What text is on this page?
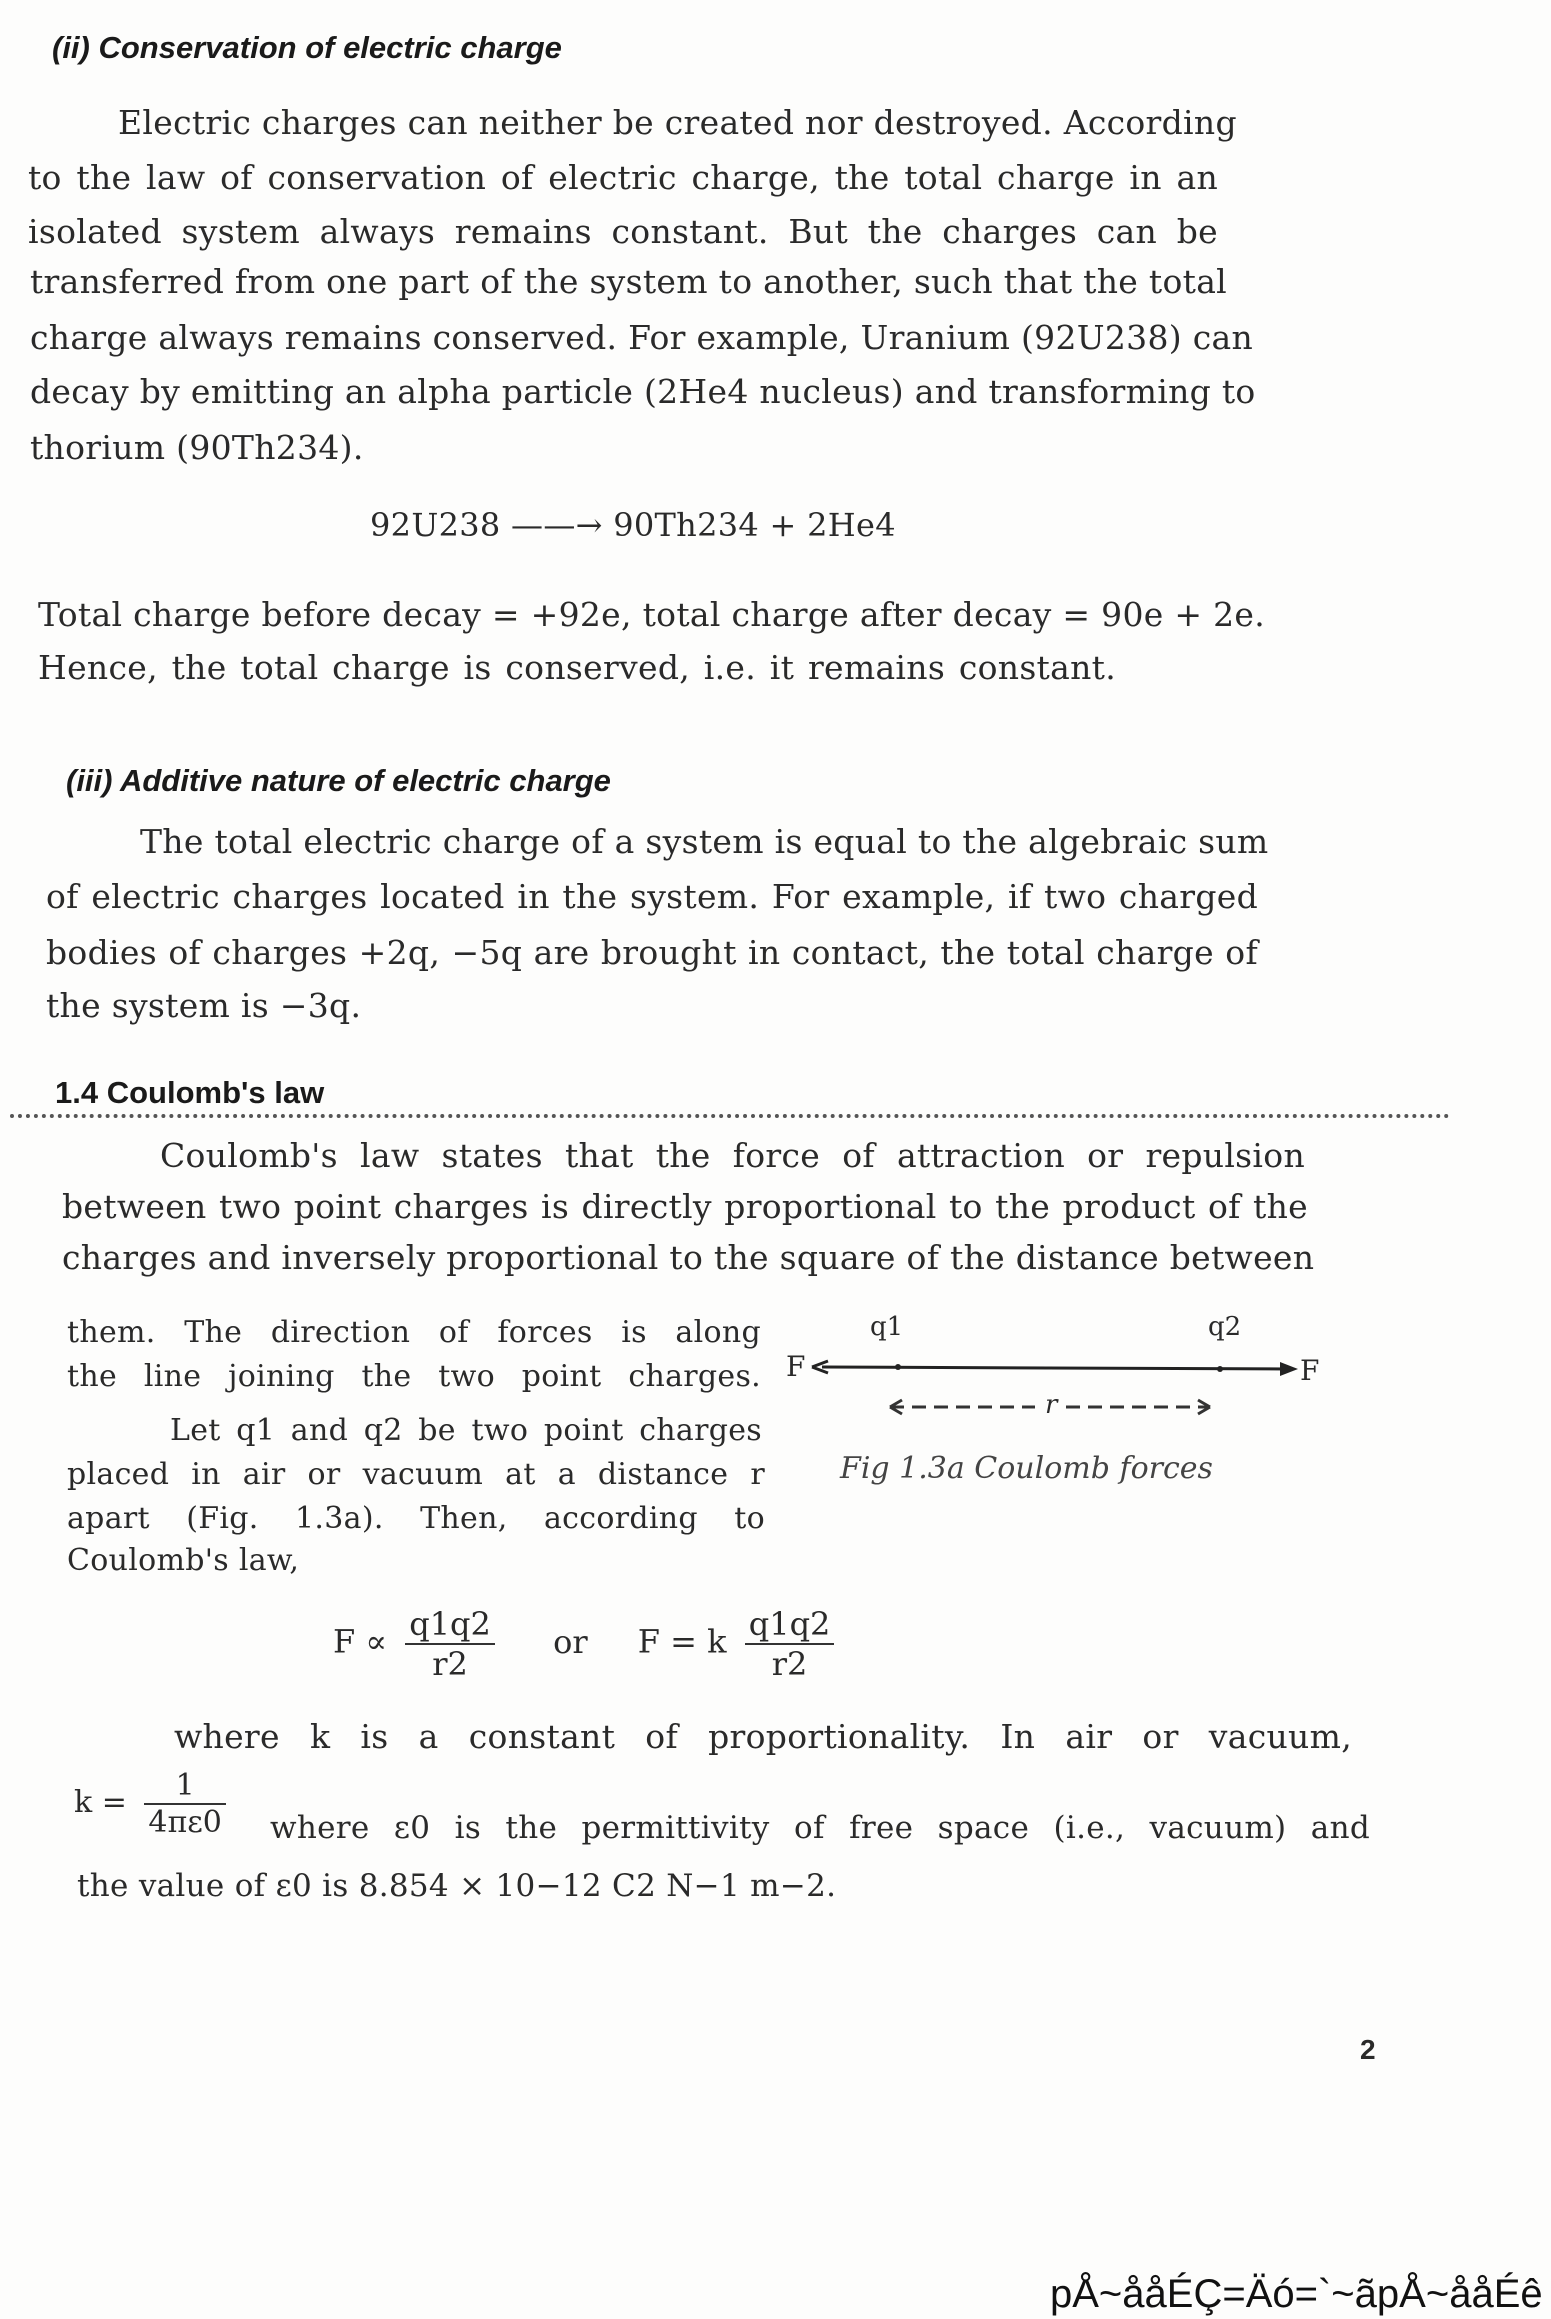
(ii) Conservation of electric charge
Electric charges can neither be created nor destroyed. According
to the law of conservation of electric charge, the total charge in an
isolated system always remains constant. But the charges can be
transferred from one part of the system to another, such that the total
charge always remains conserved. For example, Uranium (92U238) can
decay by emitting an alpha particle (2He4 nucleus) and transforming to
thorium (90Th234).
92U238 ——→ 90Th234 + 2He4
Total charge before decay = +92e, total charge after decay = 90e + 2e.
Hence, the total charge is conserved, i.e. it remains constant.
(iii) Additive nature of electric charge
The total electric charge of a system is equal to the algebraic sum
of electric charges located in the system. For example, if two charged
bodies of charges +2q, −5q are brought in contact, the total charge of
the system is −3q.
1.4 Coulomb's law
Coulomb's law states that the force of attraction or repulsion
between two point charges is directly proportional to the product of the
charges and inversely proportional to the square of the distance between
them. The direction of forces is along
the line joining the two point charges.
Let q1 and q2 be two point charges
placed in air or vacuum at a distance r
apart (Fig. 1.3a). Then, according to
Coulomb's law,
q1	q2
F	F
r
Fig 1.3a Coulomb forces
$F \propto \frac{q1q2}{r2}$ or F = k $\frac{q1q2}{r2}$
where k is a constant of proportionality. In air or vacuum,
$k = \frac{1}{4\pi\varepsilon 0}$ where ε0 is the permittivity of free space (i.e., vacuum) and
the value of ε0 is 8.854 × 10−12 C2 N−1 m−2.
2
pÅ~ååÉÇ=Äó=`~ãpÅ~ååÉê
